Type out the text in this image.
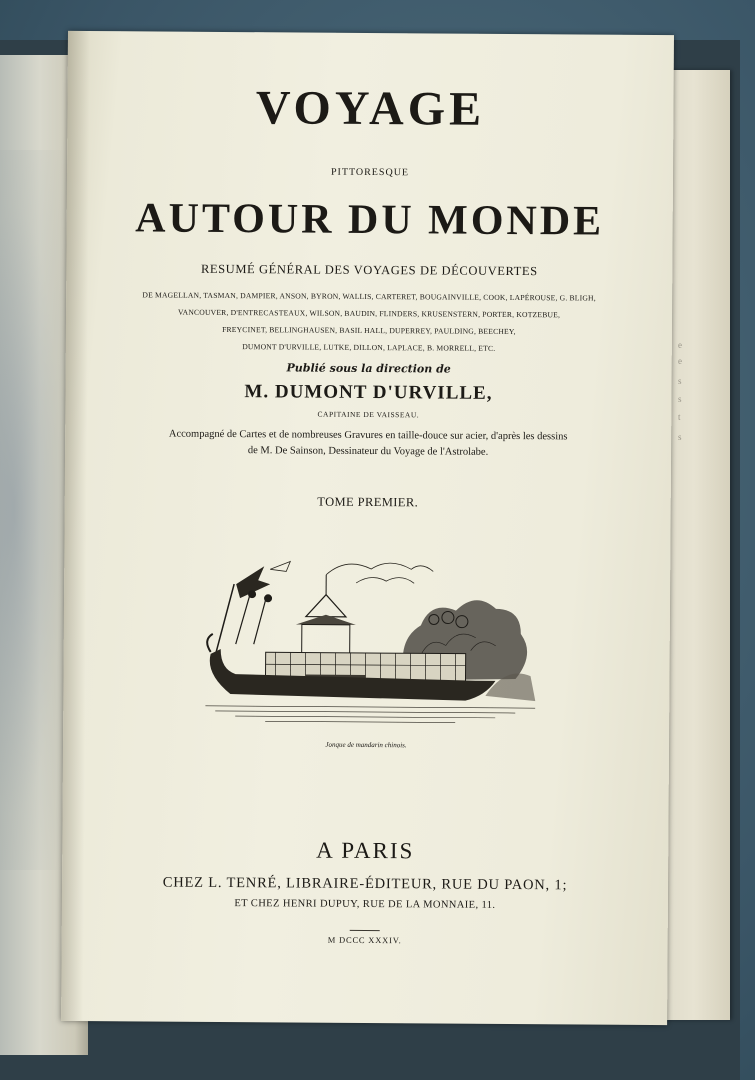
e
e
s
s
t
s
VOYAGE
PITTORESQUE
AUTOUR DU MONDE
RESUMÉ GÉNÉRAL DES VOYAGES DE DÉCOUVERTES
DE MAGELLAN, TASMAN, DAMPIER, ANSON, BYRON, WALLIS, CARTERET, BOUGAINVILLE, COOK, LAPÉROUSE, G. BLIGH,
VANCOUVER, D'ENTRECASTEAUX, WILSON, BAUDIN, FLINDERS, KRUSENSTERN, PORTER, KOTZEBUE,
FREYCINET, BELLINGHAUSEN, BASIL HALL, DUPERREY, PAULDING, BEECHEY,
DUMONT D'URVILLE, LUTKE, DILLON, LAPLACE, B. MORRELL, ETC.
Publié sous la direction de
M. DUMONT D'URVILLE,
CAPITAINE DE VAISSEAU.
Accompagné de Cartes et de nombreuses Gravures en taille-douce sur acier, d'après les dessins
de M. De Sainson, Dessinateur du Voyage de l'Astrolabe.
TOME PREMIER.
Jonque de mandarin chinois.
A PARIS
CHEZ L. TENRÉ, LIBRAIRE-ÉDITEUR, RUE DU PAON, 1;
ET CHEZ HENRI DUPUY, RUE DE LA MONNAIE, 11.
M DCCC XXXIV.
